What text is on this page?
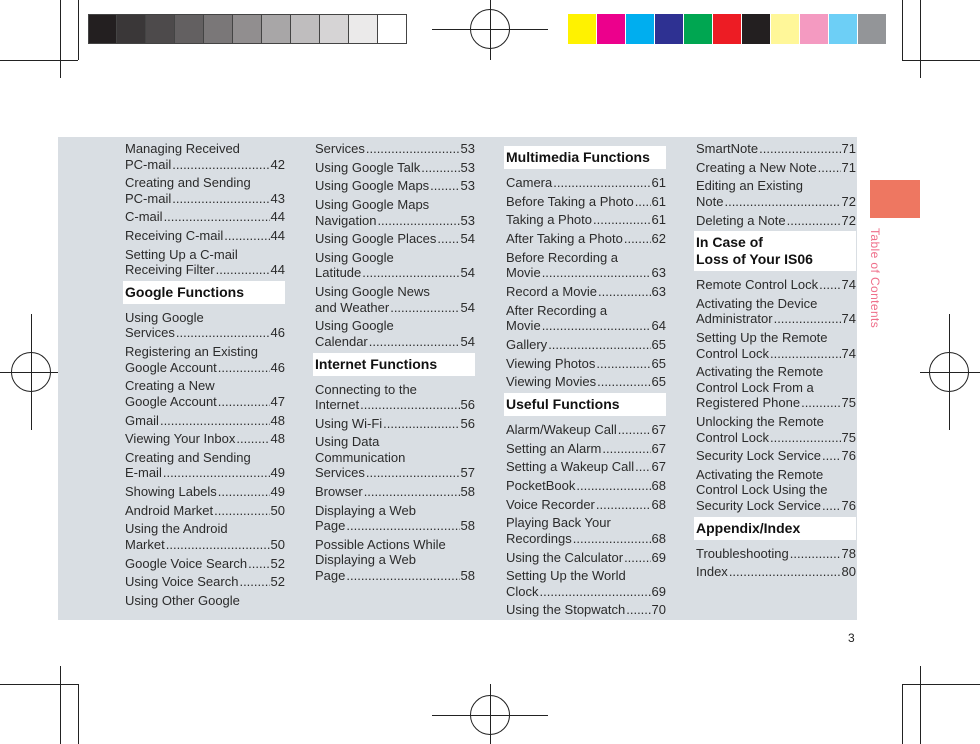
Managing Received
PC-mail .....	42
Creating and Sending
PC-mail .....	43
C-mail .....	44
Receiving C-mail .....	44
Setting Up a C-mail
Receiving Filter .....	44
Google Functions
Using Google
Services .....	46
Registering an Existing
Google Account .....	46
Creating a New
Google Account .....	47
Gmail .....	48
Viewing Your Inbox .....	48
Creating and Sending
E-mail .....	49
Showing Labels .....	49
Android Market .....	50
Using the Android
Market .....	50
Google Voice Search ..... 52
Using Voice Search ..... 52
Using Other Google
Services .....	53
Using Google Talk .....	53
Using Google Maps ..... 53
Using Google Maps
Navigation .....	53
Using Google Places ..... 54
Using Google
Latitude .....	54
Using Google News
and Weather .....	54
Using Google
Calendar .....	54
Internet Functions
Connecting to the
Internet .....	56
Using Wi-Fi .....	56
Using Data
Communication
Services .....	57
Browser .....	58
Displaying a Web
Page .....	58
Possible Actions While
Displaying a Web
Page .....	58
Multimedia Functions
Camera .....	61
Before Taking a Photo ..... 61
Taking a Photo .....	61
After Taking a Photo ..... 62
Before Recording a
Movie .....	63
Record a Movie .....	63
After Recording a
Movie .....	64
Gallery .....	65
Viewing Photos .....	65
Viewing Movies .....	65
Useful Functions
Alarm/Wakeup Call .....	67
Setting an Alarm .....	67
Setting a Wakeup Call ..... 67
PocketBook .....	68
Voice Recorder .....	68
Playing Back Your
Recordings .....	68
Using the Calculator ..... 69
Setting Up the World
Clock .....	69
Using the Stopwatch ..... 70
SmartNote .....	71
Creating a New Note ..... 71
Editing an Existing
Note .....	72
Deleting a Note .....	72
In Case of
Loss of Your IS06
Remote Control Lock ..... 74
Activating the Device
Administrator .....	74
Setting Up the Remote
Control Lock .....	74
Activating the Remote
Control Lock From a
Registered Phone .....	75
Unlocking the Remote
Control Lock .....	75
Security Lock Service ..... 76
Activating the Remote
Control Lock Using the
Security Lock Service ..... 76
Appendix/Index
Troubleshooting .....	78
Index .....	80
Table of Contents
3
